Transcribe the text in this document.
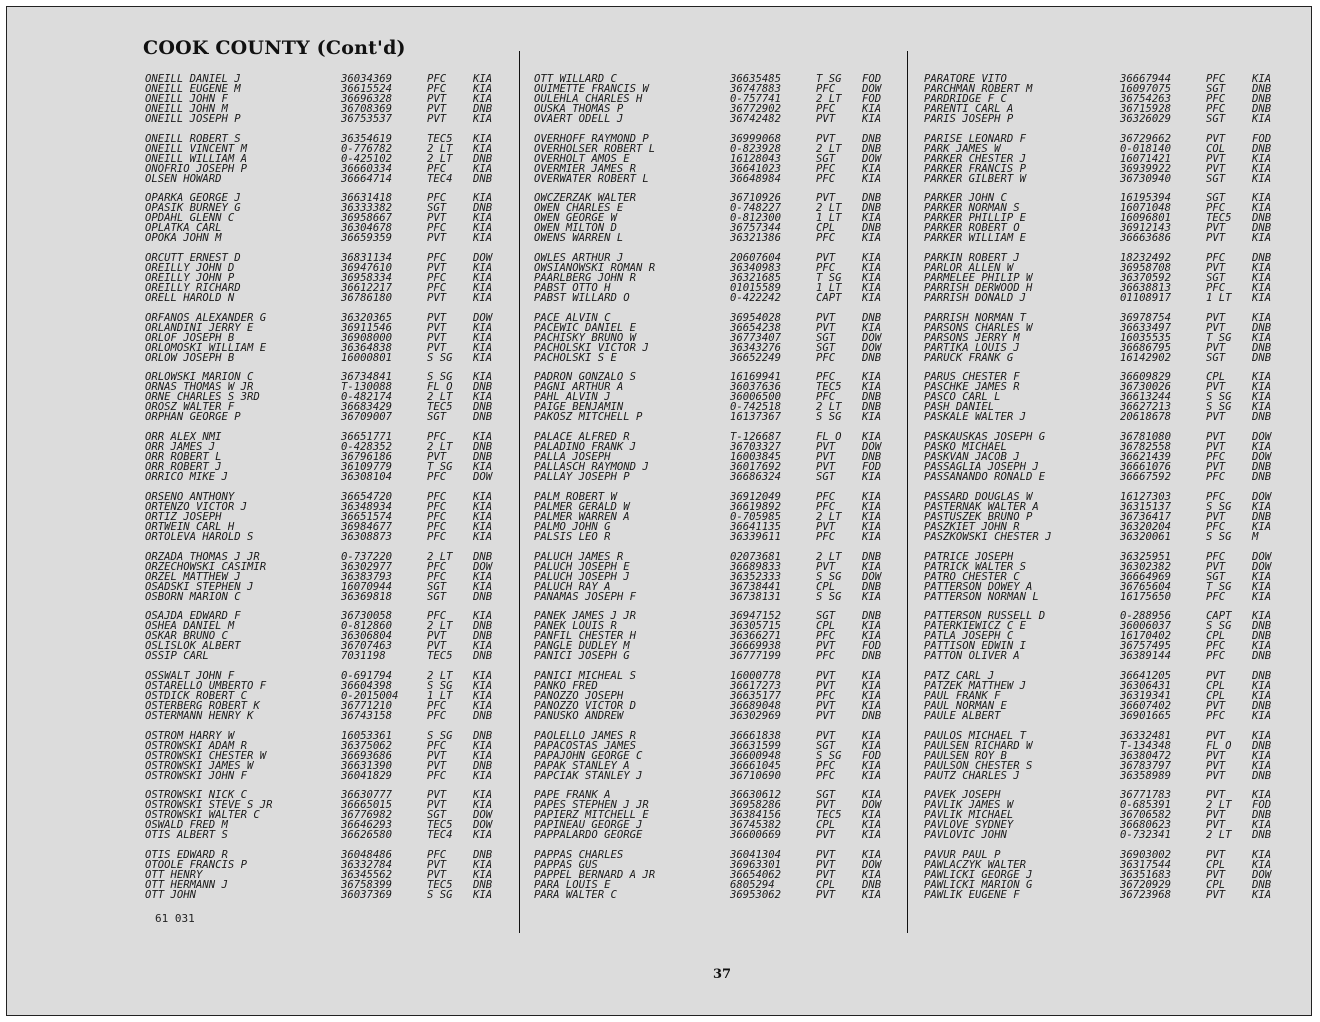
COOK COUNTY (Cont'd)
ONEILL DANIEL J	36034369	PFC	KIA
ONEILL EUGENE M	36615524	PFC	KIA
ONEILL JOHN F	36696328	PVT	KIA
ONEILL JOHN M	36708369	PVT	DNB
ONEILL JOSEPH P	36753537	PVT	KIA
ONEILL ROBERT S	36354619	TEC5 KIA
ONEILL VINCENT M	0-776782	2 LT KIA
ONEILL WILLIAM A	0-425102	2 LT DNB
ONOFRIO JOSEPH P	36660334	PFC	KIA
OLSEN HOWARD	36664714	TEC4 DNB
OPARKA GEORGE J	36631418	PFC	KIA
OPASIK BURNEY G	36333382	SGT	DNB
OPDAHL GLENN C	36958667	PVT	KIA
OPLATKA CARL	36304678	PFC	KIA
OPOKA JOHN M	36659359	PVT	KIA
ORCUTT ERNEST D	36831134	PFC	DOW
OREILLY JOHN D	36947610	PVT	KIA
OREILLY JOHN P	36958334	PFC	KIA
OREILLY RICHARD	36612217	PFC	KIA
ORELL HAROLD N	36786180	PVT	KIA
ORFANOS ALEXANDER G	36320365	PVT	DOW
ORLANDINI JERRY E	36911546	PVT	KIA
ORLOF JOSEPH B	36908000	PVT	KIA
ORLOMOSKI WILLIAM E	36364838	PVT	KIA
ORLOW JOSEPH B	16000801	S SG KIA
ORLOWSKI MARION C	36734841	S SG KIA
ORNAS THOMAS W JR	T-130088	FL O DNB
ORNE CHARLES S 3RD	0-482174	2 LT KIA
OROSZ WALTER F	36683429	TEC5 DNB
ORPHAN GEORGE P	36709007	SGT	DNB
ORR ALEX NMI	36651771	PFC	KIA
ORR JAMES J	0-428352	2 LT DNB
ORR ROBERT L	36796186	PVT	DNB
ORR ROBERT J	36109779	T SG KIA
ORRICO MIKE J	36308104	PFC	DOW
ORSENO ANTHONY	36654720	PFC	KIA
ORTENZO VICTOR J	36348934	PFC	KIA
ORTIZ JOSEPH	36651574	PFC	KIA
ORTWEIN CARL H	36984677	PFC	KIA
ORTOLEVA HAROLD S	36308873	PFC	KIA
ORZADA THOMAS J JR	0-737220	2 LT DNB
ORZECHOWSKI CASIMIR	36302977	PFC	DOW
ORZEL MATTHEW J	36383793	PFC	KIA
OSADSKI STEPHEN J	16070944	SGT	KIA
OSBORN MARION C	36369818	SGT	DNB
OSAJDA EDWARD F	36730058	PFC	KIA
OSHEA DANIEL M	0-812860	2 LT DNB
OSKAR BRUNO C	36306804	PVT	DNB
OSLISLOK ALBERT	36707463	PVT	KIA
OSSIP CARL	7031198	TEC5 DNB
OSSWALT JOHN F	0-691794	2 LT KIA
OSTARELLO UMBERTO F	36604398	S SG KIA
OSTDICK ROBERT C	0-2015004	1 LT KIA
OSTERBERG ROBERT K	36771210	PFC	KIA
OSTERMANN HENRY K	36743158	PFC	DNB
OSTROM HARRY W	16053361	S SG DNB
OSTROWSKI ADAM R	36375062	PFC	KIA
OSTROWSKI CHESTER W	36693686	PVT	KIA
OSTROWSKI JAMES W	36631390	PVT	DNB
OSTROWSKI JOHN F	36041829	PFC	KIA
OSTROWSKI NICK C	36630777	PVT	KIA
OSTROWSKI STEVE S JR	36665015	PVT	KIA
OSTROWSKI WALTER C	36776982	SGT	DOW
OSWALD FRED M	36646293	TEC5 DOW
OTIS ALBERT S	36626580	TEC4 KIA
OTIS EDWARD R	36048486	PFC	DNB
OTOOLE FRANCIS P	36332784	PVT	KIA
OTT HENRY	36345562	PVT	KIA
OTT HERMANN J	36758399	TEC5 DNB
OTT JOHN	36037369	S SG KIA
OTT WILLARD C	36635485	T SG FOD
OUIMETTE FRANCIS W	36747883	PFC	DOW
OULEHLA CHARLES H	0-757741	2 LT FOD
OUSKA THOMAS P	36772902	PFC	KIA
OVAERT ODELL J	36742482	PVT	KIA
OVERHOFF RAYMOND P	36999068	PVT	DNB
OVERHOLSER ROBERT L	0-823928	2 LT DNB
OVERHOLT AMOS E	16128043	SGT	DOW
OVERMIER JAMES R	36641023	PFC	KIA
OVERWATER ROBERT L	36648984	PFC	KIA
OWCZERZAK WALTER	36710926	PVT	DNB
OWEN CHARLES E	0-748227	2 LT DNB
OWEN GEORGE W	0-812300	1 LT KIA
OWEN MILTON D	36757344	CPL	DNB
OWENS WARREN L	36321386	PFC	KIA
OWLES ARTHUR J	20607604	PVT	KIA
OWSIANOWSKI ROMAN R	36340983	PFC	KIA
PAARLBERG JOHN R	36321685	T SG KIA
PABST OTTO H	01015589	1 LT KIA
PABST WILLARD O	0-422242	CAPT KIA
PACE ALVIN C	36954028	PVT	DNB
PACEWIC DANIEL E	36654238	PVT	KIA
PACHISKY BRUNO W	36773407	SGT	DOW
PACHOLSKI VICTOR J	36343276	SGT	DOW
PACHOLSKI S E	36652249	PFC	DNB
PADRON GONZALO S	16169941	PFC	KIA
PAGNI ARTHUR A	36037636	TEC5 KIA
PAHL ALVIN J	36006500	PFC	DNB
PAIGE BENJAMIN	0-742518	2 LT DNB
PAKOSZ MITCHELL P	16137367	S SG KIA
PALACE ALFRED R	T-126687	FL O KIA
PALADINO FRANK J	36703327	PVT	DOW
PALLA JOSEPH	16003845	PVT	DNB
PALLASCH RAYMOND J	36017692	PVT	FOD
PALLAY JOSEPH P	36686324	SGT	KIA
PALM ROBERT W	36912049	PFC	KIA
PALMER GERALD W	36619892	PFC	KIA
PALMER WARREN A	0-705985	2 LT KIA
PALMO JOHN G	36641135	PVT	KIA
PALSIS LEO R	36339611	PFC	KIA
PALUCH JAMES R	02073681	2 LT DNB
PALUCH JOSEPH E	36689833	PVT	KIA
PALUCH JOSEPH J	36352333	S SG DOW
PALUCH RAY A	36738441	CPL	DNB
PANAMAS JOSEPH F	36738131	S SG KIA
PANEK JAMES J JR	36947152	SGT	DNB
PANEK LOUIS R	36305715	CPL	KIA
PANFIL CHESTER H	36366271	PFC	KIA
PANGLE DUDLEY M	36669938	PVT	FOD
PANICI JOSEPH G	36777199	PFC	DNB
PANICI MICHEAL S	16000778	PVT	KIA
PANKO FRED	36617273	PVT	KIA
PANOZZO JOSEPH	36635177	PFC	KIA
PANOZZO VICTOR D	36689048	PVT	KIA
PANUSKO ANDREW	36302969	PVT	DNB
PAOLELLO JAMES R	36661838	PVT	KIA
PAPACOSTAS JAMES	36631599	SGT	KIA
PAPAJOHN GEORGE C	36600948	S SG FOD
PAPAK STANLEY A	36661045	PFC	KIA
PAPCIAK STANLEY J	36710690	PFC	KIA
PAPE FRANK A	36630612	SGT	KIA
PAPES STEPHEN J JR	36958286	PVT	DOW
PAPIERZ MITCHELL E	36384156	TEC5 KIA
PAPINEAU GEORGE J	36745382	CPL	KIA
PAPPALARDO GEORGE	36600669	PVT	KIA
PAPPAS CHARLES	36041304	PVT	KIA
PAPPAS GUS	36963301	PVT	DOW
PAPPEL BERNARD A JR	36654062	PVT	KIA
PARA LOUIS E	6805294	CPL	DNB
PARA WALTER C	36953062	PVT	KIA
PARATORE VITO	36667944	PFC	KIA
PARCHMAN ROBERT M	16097075	SGT	DNB
PARDRIDGE F C	36754263	PFC	DNB
PARENTI CARL A	36715928	PFC	DNB
PARIS JOSEPH P	36326029	SGT	KIA
PARISE LEONARD F	36729662	PVT	FOD
PARK JAMES W	0-018140	COL	DNB
PARKER CHESTER J	16071421	PVT	KIA
PARKER FRANCIS P	36939922	PVT	KIA
PARKER GILBERT W	36730940	SGT	KIA
PARKER JOHN C	16195394	SGT	KIA
PARKER NORMAN S	16071048	PFC	KIA
PARKER PHILLIP E	16096801	TEC5 DNB
PARKER ROBERT O	36912143	PVT	DNB
PARKER WILLIAM E	36663686	PVT	KIA
PARKIN ROBERT J	18232492	PFC	DNB
PARLOR ALLEN W	36958708	PVT	KIA
PARMELEE PHILIP W	36370592	SGT	KIA
PARRISH DERWOOD H	36638813	PFC	KIA
PARRISH DONALD J	01108917	1 LT KIA
PARRISH NORMAN T	36978754	PVT	KIA
PARSONS CHARLES W	36633497	PVT	DNB
PARSONS JERRY M	16035535	T SG KIA
PARTIKA LOUIS J	36686795	PVT	DNB
PARUCK FRANK G	16142902	SGT	DNB
PARUS CHESTER F	36609829	CPL	KIA
PASCHKE JAMES R	36730026	PVT	KIA
PASCO CARL L	36613244	S SG KIA
PASH DANIEL	36627213	S SG KIA
PASKALE WALTER J	20618678	PVT	DNB
PASKAUSKAS JOSEPH G	36781080	PVT	DOW
PASKO MICHAEL	36782558	PVT	KIA
PASKVAN JACOB J	36621439	PFC	DOW
PASSAGLIA JOSEPH J	36661076	PVT	DNB
PASSANANDO RONALD E	36667592	PFC	DNB
PASSARD DOUGLAS W	16127303	PFC	DOW
PASTERNAK WALTER A	36315137	S SG KIA
PASTUSZEK BRUNO P	36736417	PVT	DNB
PASZKIET JOHN R	36320204	PFC	KIA
PASZKOWSKI CHESTER J	36320061	S SG M
PATRICE JOSEPH	36325951	PFC	DOW
PATRICK WALTER S	36302382	PVT	DOW
PATRO CHESTER C	36664969	SGT	KIA
PATTERSON DOWEY A	36765604	T SG KIA
PATTERSON NORMAN L	16175650	PFC	KIA
PATTERSON RUSSELL D	0-288956	CAPT KIA
PATERKIEWICZ C E	36006037	S SG DNB
PATLA JOSEPH C	16170402	CPL	DNB
PATTISON EDWIN I	36757495	PFC	KIA
PATTON OLIVER A	36389144	PFC	DNB
PATZ CARL J	36641205	PVT	DNB
PATZEK MATTHEW J	36306431	CPL	KIA
PAUL FRANK F	36319341	CPL	KIA
PAUL NORMAN E	36607402	PVT	DNB
PAULE ALBERT	36901665	PFC	KIA
PAULOS MICHAEL T	36332481	PVT	KIA
PAULSEN RICHARD W	T-134348	FL O DNB
PAULSEN ROY B	36380472	PVT	KIA
PAULSON CHESTER S	36783797	PVT	KIA
PAUTZ CHARLES J	36358989	PVT	DNB
PAVEK JOSEPH	36771783	PVT	KIA
PAVLIK JAMES W	0-685391	2 LT FOD
PAVLIK MICHAEL	36706582	PVT	DNB
PAVLOVE SYDNEY	36680623	PVT	KIA
PAVLOVIC JOHN	0-732341	2 LT DNB
PAVUR PAUL P	36903002	PVT	KIA
PAWLACZYK WALTER	36317544	CPL	KIA
PAWLICKI GEORGE J	36351683	PVT	DOW
PAWLICKI MARION G	36720929	CPL	DNB
PAWLIK EUGENE F	36723968	PVT	KIA
61 031
37
